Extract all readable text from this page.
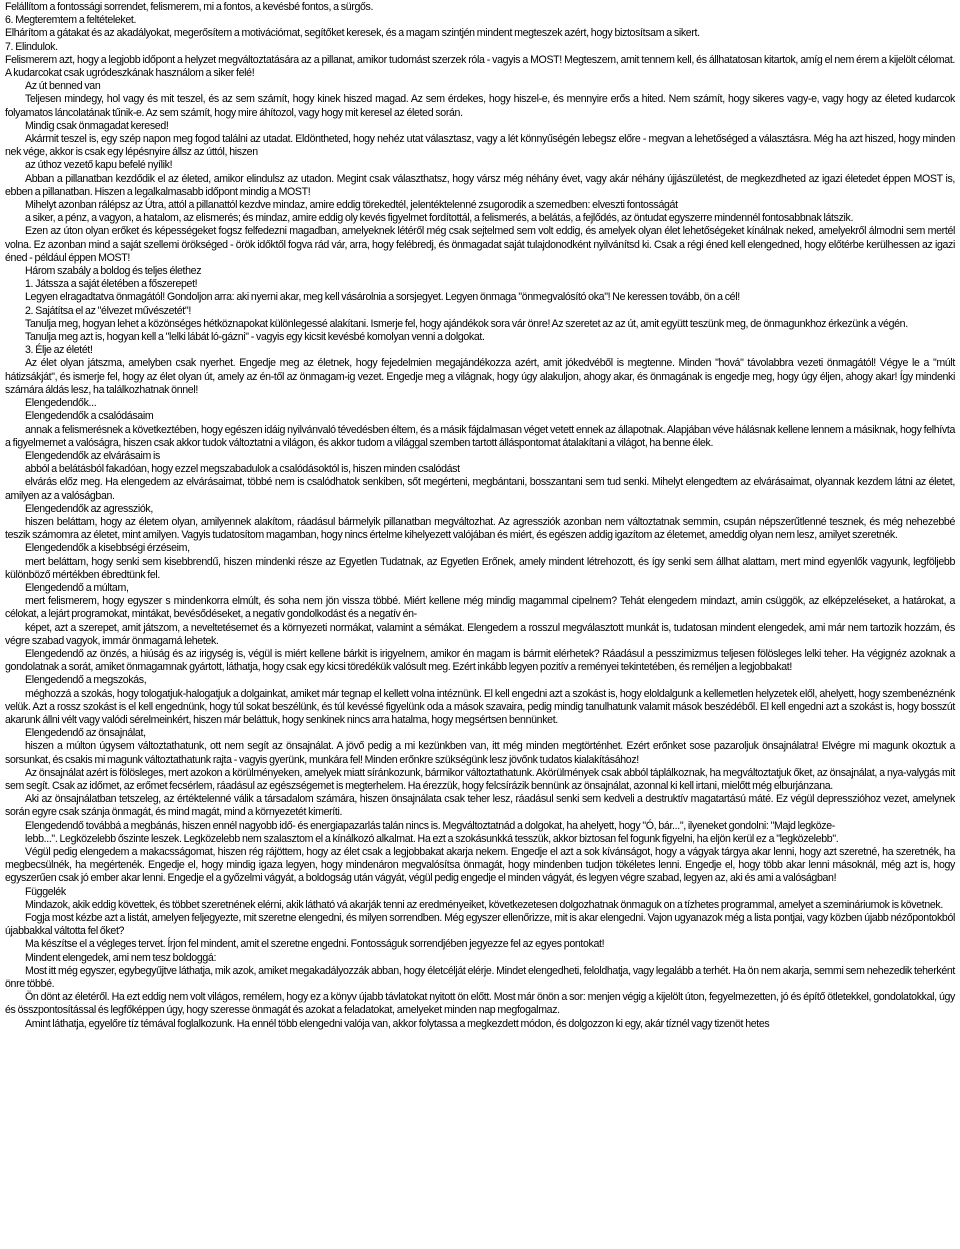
Felállítom a fontossági sorrendet, felismerem, mi a fontos, a kevésbé fontos, a sürgős.

6. Megteremtem a feltételeket.

Elhárítom a gátakat és az akadályokat, megerősítem a motivációmat, segítőket keresek, és a magam szintjén mindent megteszek azért, hogy biztosítsam a sikert.

7. Elindulok.

Felismerem azt, hogy a legjobb időpont a helyzet megváltoztatására az a pillanat, amikor tudomást szerzek róla - vagyis a MOST! Megteszem, amit tennem kell, és állhatatosan kitartok, amíg el nem érem a kijelölt célomat. A kudarcokat csak ugródeszkának használom a siker felé!

Az út benned van

Teljesen mindegy, hol vagy és mit teszel, és az sem számít, hogy kinek hiszed magad. Az sem érdekes, hogy hiszel-e, és mennyire erős a hited. Nem számít, hogy sikeres vagy-e, vagy hogy az életed kudarcok folyamatos láncolatának tűnik-e. Az sem számít, hogy mire áhítozol, vagy hogy mit keresel az életed során.

Mindig csak önmagadat keresed!

Akármit teszel is, egy szép napon meg fogod találni az utadat. Eldöntheted, hogy nehéz utat választasz, vagy a lét könnyűségén lebegsz előre - megvan a lehetőséged a választásra. Még ha azt hiszed, hogy minden nek vége, akkor is csak egy lépésnyire állsz az úttól, hiszen

az úthoz vezető kapu befelé nyílik!

Abban a pillanatban kezdődik el az életed, amikor elindulsz az utadon. Megint csak választhatsz, hogy vársz még néhány évet, vagy akár néhány újjászületést, de megkezdheted az igazi életedet éppen MOST is, ebben a pillanatban. Hiszen a legalkalmasabb időpont mindig a MOST!

Mihelyt azonban rálépsz az Útra, attól a pillanattól kezdve mindaz, amire eddig törekedtél, jelentéktelenné zsugorodik a szemedben: elveszti fontosságát

a siker, a pénz, a vagyon, a hatalom, az elismerés; és mindaz, amire eddig oly kevés figyelmet fordítottál, a felismerés, a belátás, a fejlődés, az öntudat egyszerre mindennél fontosabbnak látszik.

Ezen az úton olyan erőket és képességeket fogsz felfedezni magadban, amelyeknek létéről még csak sejtelmed sem volt eddig, és amelyek olyan élet lehetőségeket kínálnak neked, amelyekről álmodni sem mertél volna. Ez azonban mind a saját szellemi örökséged - örök időktől fogva rád vár, arra, hogy felébredj, és önmagadat saját tulajdonodként nyilvánítsd ki. Csak a régi éned kell elengedned, hogy előtérbe kerülhessen az igazi éned - például éppen MOST!

Három szabály a boldog és teljes élethez

1. Játssza a saját életében a főszerepet!

Legyen elragadtatva önmagától! Gondoljon arra: aki nyerni akar, meg kell vásárolnia a sorsjegyet. Legyen önmaga "önmegvalósító oka"! Ne keressen tovább, ön a cél!

2. Sajátítsa el az "élvezet művészetét"!

Tanulja meg, hogyan lehet a közönséges hétköznapokat különlegessé alakítani. Ismerje fel, hogy ajándékok sora vár önre! Az szeretet az az út, amit együtt teszünk meg, de önmagunkhoz érkezünk a végén.

Tanulja meg azt is, hogyan kell a "lelki lábát ló-gázni" - vagyis egy kicsit kevésbé komolyan venni a dolgokat.

3. Élje az életét!

Az élet olyan játszma, amelyben csak nyerhet. Engedje meg az életnek, hogy fejedelmien megajándékozza azért, amit jókedvéből is megtenne. Minden "hová" távolabbra vezeti önmagától! Végye le a "múlt hátizsákját", és ismerje fel, hogy az élet olyan út, amely az én-től az önmagam-ig vezet. Engedje meg a világnak, hogy úgy alakuljon, ahogy akar, és önmagának is engedje meg, hogy úgy éljen, ahogy akar! Így mindenki számára áldás lesz, ha találkozhatnak önnel!

Elengedendők...

Elengedendők a csalódásaim

annak a felismerésnek a következtében, hogy egészen idáig nyilvánvaló tévedésben éltem, és a másik fájdalmasan véget vetett ennek az állapotnak. Alapjában véve hálásnak kellene lennem a másiknak, hogy felhívta a figyelmemet a valóságra, hiszen csak akkor tudok változtatni a világon, és akkor tudom a világgal szemben tartott álláspontomat átalakítani a világot, ha benne élek.

Elengedendők az elvárásaim is

abból a belátásból fakadóan, hogy ezzel megszabadulok a csalódásoktól is, hiszen minden csalódást

elvárás előz meg. Ha elengedem az elvárásaimat, többé nem is csalódhatok senkiben, sőt megérteni, megbántani, bosszantani sem tud senki. Mihelyt elengedtem az elvárásaimat, olyannak kezdem látni az életet, amilyen az a valóságban.

Elengedendők az agressziók,

hiszen beláttam, hogy az életem olyan, amilyennek alakítom, ráadásul bármelyik pillanatban megváltozhat. Az agressziók azonban nem változtatnak semmin, csupán népszerűtlenné tesznek, és még nehezebbé teszik számomra az életet, mint amilyen. Vagyis tudatosítom magamban, hogy nincs értelme kihelyezett valójában és miért, és egészen addig igazítom az életemet, ameddig olyan nem lesz, amilyet szeretnék.

Elengedendők a kisebbségi érzéseim,

mert beláttam, hogy senki sem kisebbrendű, hiszen mindenki része az Egyetlen Tudatnak, az Egyetlen Erőnek, amely mindent létrehozott, és így senki sem állhat alattam, mert mind egyenlők vagyunk, legföljebb különböző mértékben ébredtünk fel.

Elengedendő a múltam,

mert felismerem, hogy egyszer s mindenkorra elmúlt, és soha nem jön vissza többé. Miért kellene még mindig magammal cipelnem? Tehát elengedem mindazt, amin csüggök, az elképzeléseket, a határokat, a célokat, a lejárt programokat, mintákat, bevésődéseket, a negatív gondolkodást és a negatív én-

képet, azt a szerepet, amit játszom, a neveltetésemet és a környezeti normákat, valamint a sémákat. Elengedem a rosszul megválasztott munkát is, tudatosan mindent elengedek, ami már nem tartozik hozzám, és végre szabad vagyok, immár önmagamá lehetek.

Elengedendő az önzés, a hiúság és az irigység is, végül is miért kellene bárkit is irigyelnem, amikor én magam is bármit elérhetek? Ráadásul a pesszimizmus teljesen fölösleges lelki teher. Ha végignéz azoknak a gondolatnak a sorát, amiket önmagamnak gyártott, láthatja, hogy csak egy kicsi töredékük valósult meg. Ezért inkább legyen pozitív a reményei tekintetében, és reméljen a legjobbakat!

Elengedendő a megszokás,

méghozzá a szokás, hogy tologatjuk-halogatjuk a dolgainkat, amiket már tegnap el kellett volna intéznünk. El kell engedni azt a szokást is, hogy eloldalgunk a kellemetlen helyzetek elől, ahelyett, hogy szembenéznénk velük. Azt a rossz szokást is el kell engednünk, hogy túl sokat beszélünk, és túl kevéssé figyelünk oda a mások szavaira, pedig mindig tanulhatunk valamit mások beszédéből. El kell engedni azt a szokást is, hogy bosszút akarunk állni vélt vagy valódi sérelmeinkért, hiszen már beláttuk, hogy senkinek nincs arra hatalma, hogy megsértsen bennünket.

Elengedendő az önsajnálat,

hiszen a múlton úgysem változtathatunk, ott nem segít az önsajnálat. A jövő pedig a mi kezünkben van, itt még minden megtörténhet. Ezért erőnket sose pazaroljuk önsajnálatra! Elvégre mi magunk okoztuk a sorsunkat, és csakis mi magunk változtathatunk rajta - vagyis gyerünk, munkára fel! Minden erőnkre szükségünk lesz jövőnk tudatos kialakításához!

Az önsajnálat azért is fölösleges, mert azokon a körülményeken, amelyek miatt síránkozunk, bármikor változtathatunk. Akörülmények csak abból táplálkoznak, ha megváltoztatjuk őket, az önsajnálat, a nya-valygás mit sem segít. Csak az időmet, az erőmet fecsérlem, ráadásul az egészségemet is megterhelem. Ha érezzük, hogy felcsírázik bennünk az önsajnálat, azonnal ki kell irtani, mielőtt még elburjánzana.

Aki az önsajnálatban tetszeleg, az értéktelenné válik a társadalom számára, hiszen önsajnálata csak teher lesz, ráadásul senki sem kedveli a destruktív magatartású máté. Ez végül depresszióhoz vezet, amelynek során egyre csak szánja önmagát, és mind magát, mind a környezetét kimeríti.

Elengedendő továbbá a megbánás, hiszen ennél nagyobb idő- és energiapazarlás talán nincs is. Megváltoztatnád a dolgokat, ha ahelyett, hogy "Ó, bár...", ilyeneket gondolni: "Majd legköze-

lebb...". Legközelebb őszinte leszek. Legközelebb nem szalasztom el a kínálkozó alkalmat. Ha ezt a szokásunkká tesszük, akkor biztosan fel fogunk figyelni, ha eljön kerül ez a "legközelebb".

Végül pedig elengedem a makacsságomat, hiszen rég rájöttem, hogy az élet csak a legjobbakat akarja nekem. Engedje el azt a sok kívánságot, hogy a vágyak tárgya akar lenni, hogy azt szeretné, ha szeretnék, ha megbecsülnék, ha megértenék. Engedje el, hogy mindig igaza legyen, hogy mindenáron megvalósítsa önmagát, hogy mindenben tudjon tökéletes lenni. Engedje el, hogy több akar lenni másoknál, még azt is, hogy egyszerűen csak jó ember akar lenni. Engedje el a győzelmi vágyát, a boldogság után vágyát, végül pedig engedje el minden vágyát, és legyen végre szabad, legyen az, aki és ami a valóságban!

Függelék

Mindazok, akik eddig követtek, és többet szeretnének elérni, akik látható vá akarják tenni az eredményeiket, következetesen dolgozhatnak önmaguk on a tízhetes programmal, amelyet a szemináriumok is követnek.

Fogja most kézbe azt a listát, amelyen feljegyezte, mit szeretne elengedni, és milyen sorrendben. Még egyszer ellenőrizze, mit is akar elengedni. Vajon ugyanazok még a lista pontjai, vagy közben újabb nézőpontokból újabbakkal váltotta fel őket?

Ma készítse el a végleges tervet. Írjon fel mindent, amit el szeretne engedni. Fontosságuk sorrendjében jegyezze fel az egyes pontokat!

Mindent elengedek, ami nem tesz boldoggá:

Most itt még egyszer, egybegyűjtve láthatja, mik azok, amiket megakadályozzák abban, hogy életcélját elérje. Mindet elengedheti, feloldhatja, vagy legalább a terhét. Ha ön nem akarja, semmi sem nehezedik teherként önre többé.

Ön dönt az életéről. Ha ezt eddig nem volt világos, remélem, hogy ez a könyv újabb távlatokat nyitott ön előtt. Most már önön a sor: menjen végig a kijelölt úton, fegyelmezetten, jó és építő ötletekkel, gondolatokkal, úgy és összpontosítással és legfőképpen úgy, hogy szeresse önmagát és azokat a feladatokat, amelyeket minden nap megfogalmaz.

Amint láthatja, egyelőre tíz témával foglalkozunk. Ha ennél több elengedni valója van, akkor folytassa a megkezdett módon, és dolgozzon ki egy, akár tíznél vagy tizenöt hetes
